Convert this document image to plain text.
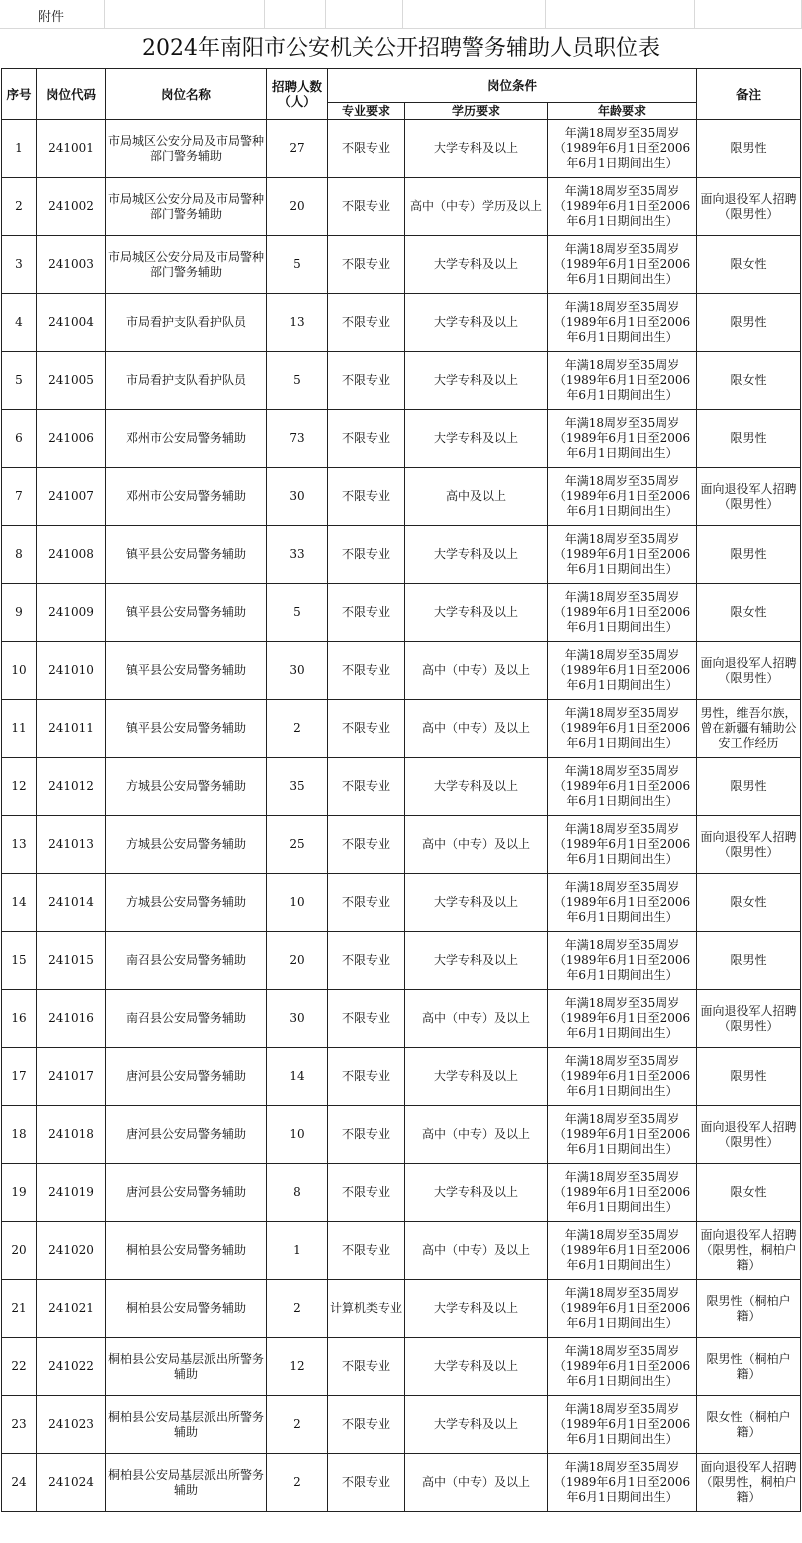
附件
2024年南阳市公安机关公开招聘警务辅助人员职位表
序号	岗位代码	岗位名称	招聘人数（人）	岗位条件			备注
				专业要求	学历要求	年龄要求	
1	241001	市局城区公安分局及市局警种部门警务辅助	27	不限专业	大学专科及以上	年满18周岁至35周岁（1989年6月1日至2006年6月1日期间出生）	限男性
2	241002	市局城区公安分局及市局警种部门警务辅助	20	不限专业	高中（中专）学历及以上	年满18周岁至35周岁（1989年6月1日至2006年6月1日期间出生）	面向退役军人招聘（限男性）
3	241003	市局城区公安分局及市局警种部门警务辅助	5	不限专业	大学专科及以上	年满18周岁至35周岁（1989年6月1日至2006年6月1日期间出生）	限女性
4	241004	市局看护支队看护队员	13	不限专业	大学专科及以上	年满18周岁至35周岁（1989年6月1日至2006年6月1日期间出生）	限男性
5	241005	市局看护支队看护队员	5	不限专业	大学专科及以上	年满18周岁至35周岁（1989年6月1日至2006年6月1日期间出生）	限女性
6	241006	邓州市公安局警务辅助	73	不限专业	大学专科及以上	年满18周岁至35周岁（1989年6月1日至2006年6月1日期间出生）	限男性
7	241007	邓州市公安局警务辅助	30	不限专业	高中及以上	年满18周岁至35周岁（1989年6月1日至2006年6月1日期间出生）	面向退役军人招聘（限男性）
8	241008	镇平县公安局警务辅助	33	不限专业	大学专科及以上	年满18周岁至35周岁（1989年6月1日至2006年6月1日期间出生）	限男性
9	241009	镇平县公安局警务辅助	5	不限专业	大学专科及以上	年满18周岁至35周岁（1989年6月1日至2006年6月1日期间出生）	限女性
10	241010	镇平县公安局警务辅助	30	不限专业	高中（中专）及以上	年满18周岁至35周岁（1989年6月1日至2006年6月1日期间出生）	面向退役军人招聘（限男性）
11	241011	镇平县公安局警务辅助	2	不限专业	高中（中专）及以上	年满18周岁至35周岁（1989年6月1日至2006年6月1日期间出生）	男性，维吾尔族，曾在新疆有辅助公安工作经历
12	241012	方城县公安局警务辅助	35	不限专业	大学专科及以上	年满18周岁至35周岁（1989年6月1日至2006年6月1日期间出生）	限男性
13	241013	方城县公安局警务辅助	25	不限专业	高中（中专）及以上	年满18周岁至35周岁（1989年6月1日至2006年6月1日期间出生）	面向退役军人招聘（限男性）
14	241014	方城县公安局警务辅助	10	不限专业	大学专科及以上	年满18周岁至35周岁（1989年6月1日至2006年6月1日期间出生）	限女性
15	241015	南召县公安局警务辅助	20	不限专业	大学专科及以上	年满18周岁至35周岁（1989年6月1日至2006年6月1日期间出生）	限男性
16	241016	南召县公安局警务辅助	30	不限专业	高中（中专）及以上	年满18周岁至35周岁（1989年6月1日至2006年6月1日期间出生）	面向退役军人招聘（限男性）
17	241017	唐河县公安局警务辅助	14	不限专业	大学专科及以上	年满18周岁至35周岁（1989年6月1日至2006年6月1日期间出生）	限男性
18	241018	唐河县公安局警务辅助	10	不限专业	高中（中专）及以上	年满18周岁至35周岁（1989年6月1日至2006年6月1日期间出生）	面向退役军人招聘（限男性）
19	241019	唐河县公安局警务辅助	8	不限专业	大学专科及以上	年满18周岁至35周岁（1989年6月1日至2006年6月1日期间出生）	限女性
20	241020	桐柏县公安局警务辅助	1	不限专业	高中（中专）及以上	年满18周岁至35周岁（1989年6月1日至2006年6月1日期间出生）	面向退役军人招聘（限男性，桐柏户籍）
21	241021	桐柏县公安局警务辅助	2	计算机类专业	大学专科及以上	年满18周岁至35周岁（1989年6月1日至2006年6月1日期间出生）	限男性（桐柏户籍）
22	241022	桐柏县公安局基层派出所警务辅助	12	不限专业	大学专科及以上	年满18周岁至35周岁（1989年6月1日至2006年6月1日期间出生）	限男性（桐柏户籍）
23	241023	桐柏县公安局基层派出所警务辅助	2	不限专业	大学专科及以上	年满18周岁至35周岁（1989年6月1日至2006年6月1日期间出生）	限女性（桐柏户籍）
24	241024	桐柏县公安局基层派出所警务辅助	2	不限专业	高中（中专）及以上	年满18周岁至35周岁（1989年6月1日至2006年6月1日期间出生）	面向退役军人招聘（限男性，桐柏户籍）
